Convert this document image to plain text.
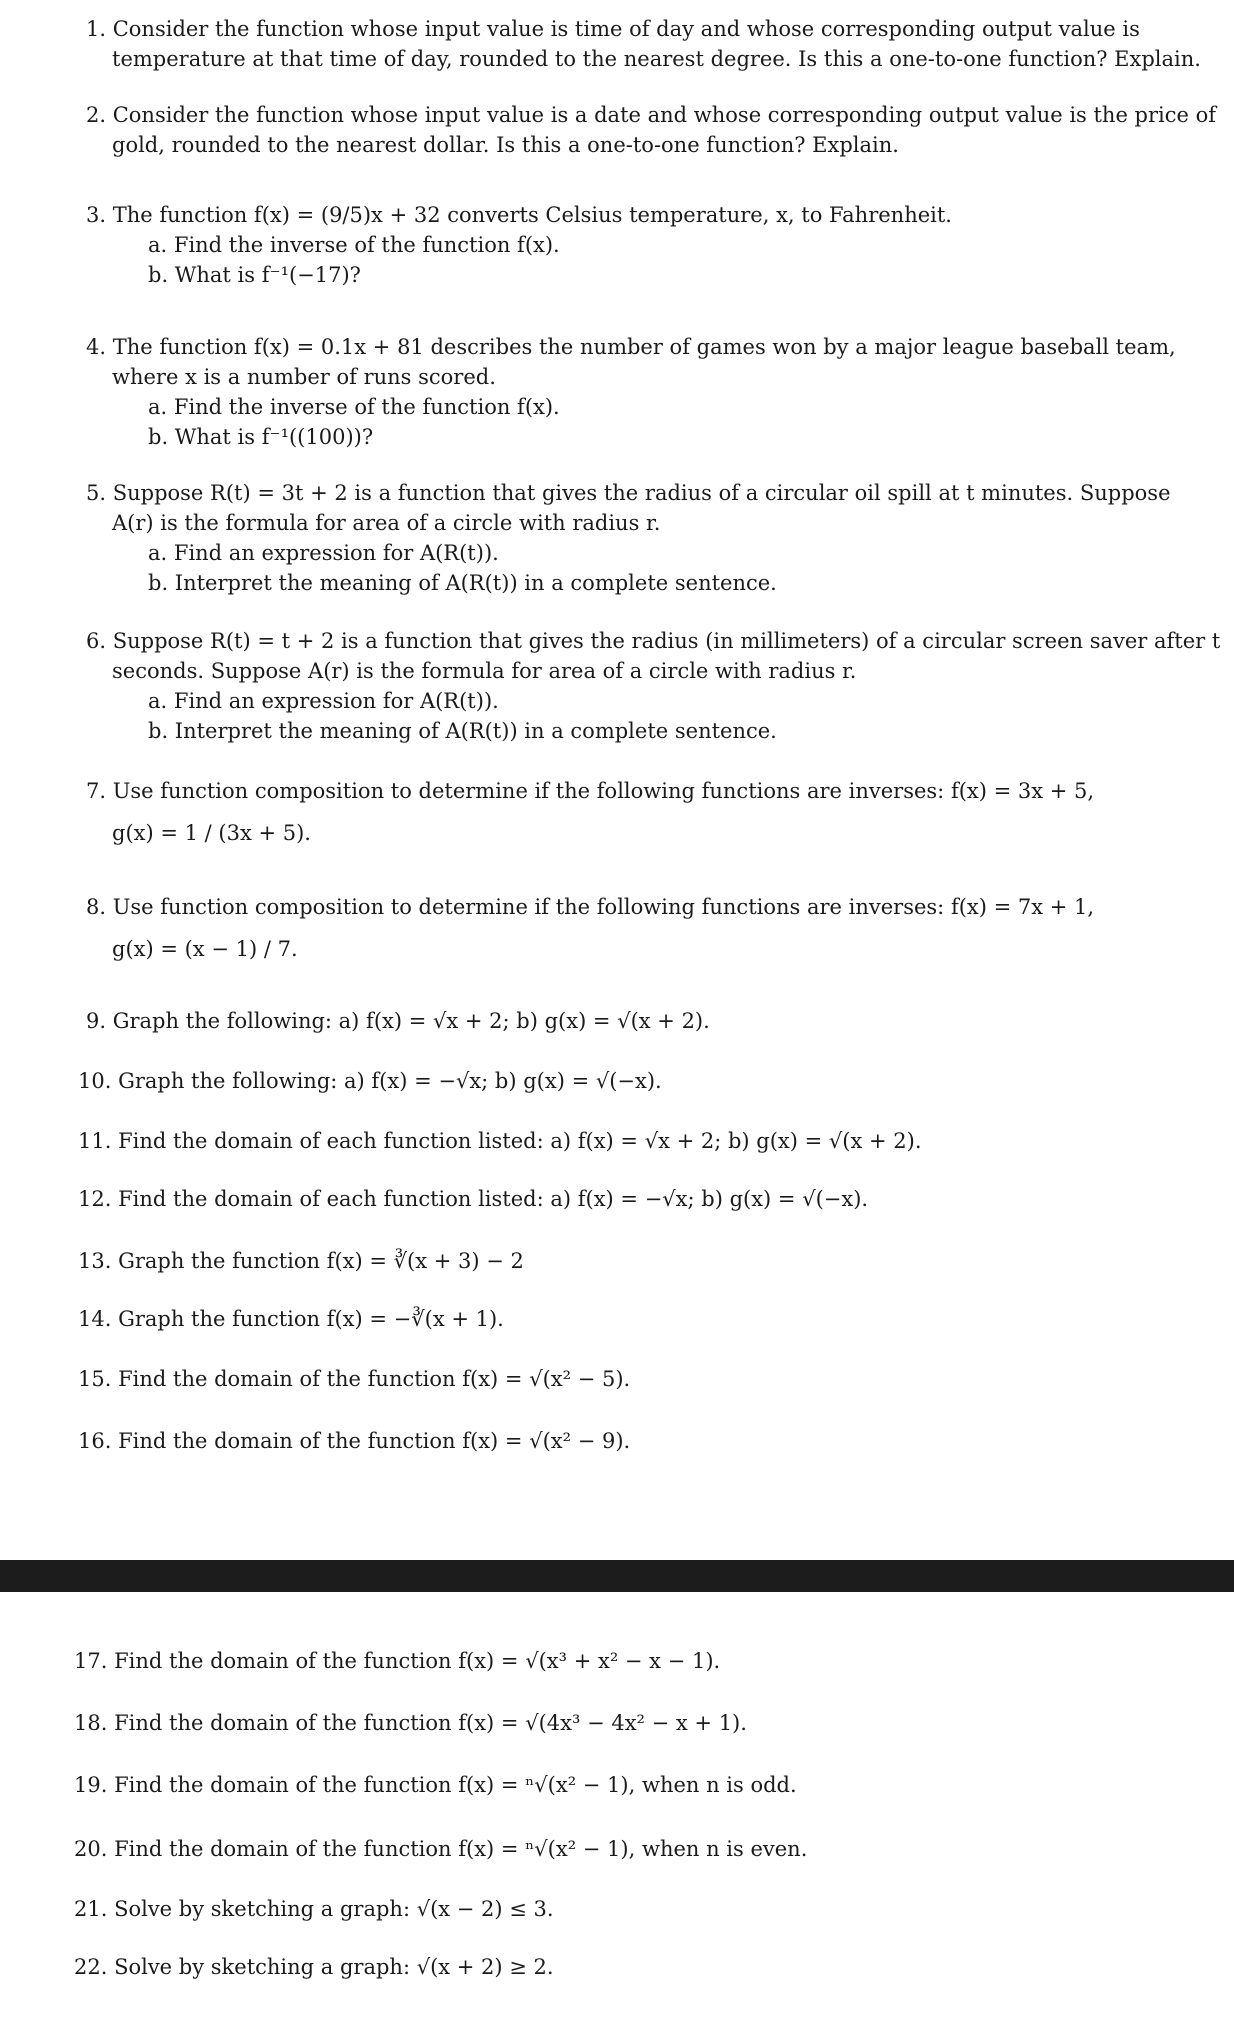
1. Consider the function whose input value is time of day and whose corresponding output value is
temperature at that time of day, rounded to the nearest degree. Is this a one-to-one function? Explain.
2. Consider the function whose input value is a date and whose corresponding output value is the price of
gold, rounded to the nearest dollar. Is this a one-to-one function? Explain.
3. The function f(x) = (9/5)x + 32 converts Celsius temperature, x, to Fahrenheit.
a. Find the inverse of the function f(x).
b. What is f⁻¹(−17)?
4. The function f(x) = 0.1x + 81 describes the number of games won by a major league baseball team,
where x is a number of runs scored.
a. Find the inverse of the function f(x).
b. What is f⁻¹((100))?
5. Suppose R(t) = 3t + 2 is a function that gives the radius of a circular oil spill at t minutes. Suppose
A(r) is the formula for area of a circle with radius r.
a. Find an expression for A(R(t)).
b. Interpret the meaning of A(R(t)) in a complete sentence.
6. Suppose R(t) = t + 2 is a function that gives the radius (in millimeters) of a circular screen saver after t
seconds. Suppose A(r) is the formula for area of a circle with radius r.
a. Find an expression for A(R(t)).
b. Interpret the meaning of A(R(t)) in a complete sentence.
7. Use function composition to determine if the following functions are inverses: f(x) = 3x + 5,
g(x) = 1 / (3x + 5).
8. Use function composition to determine if the following functions are inverses: f(x) = 7x + 1,
g(x) = (x − 1) / 7.
9. Graph the following: a) f(x) = √x + 2; b) g(x) = √(x + 2).
10. Graph the following: a) f(x) = −√x; b) g(x) = √(−x).
11. Find the domain of each function listed: a) f(x) = √x + 2; b) g(x) = √(x + 2).
12. Find the domain of each function listed: a) f(x) = −√x; b) g(x) = √(−x).
13. Graph the function f(x) = ∛(x + 3) − 2
14. Graph the function f(x) = −∛(x + 1).
15. Find the domain of the function f(x) = √(x² − 5).
16. Find the domain of the function f(x) = √(x² − 9).
17. Find the domain of the function f(x) = √(x³ + x² − x − 1).
18. Find the domain of the function f(x) = √(4x³ − 4x² − x + 1).
19. Find the domain of the function f(x) = ⁿ√(x² − 1), when n is odd.
20. Find the domain of the function f(x) = ⁿ√(x² − 1), when n is even.
21. Solve by sketching a graph: √(x − 2) ≤ 3.
22. Solve by sketching a graph: √(x + 2) ≥ 2.
